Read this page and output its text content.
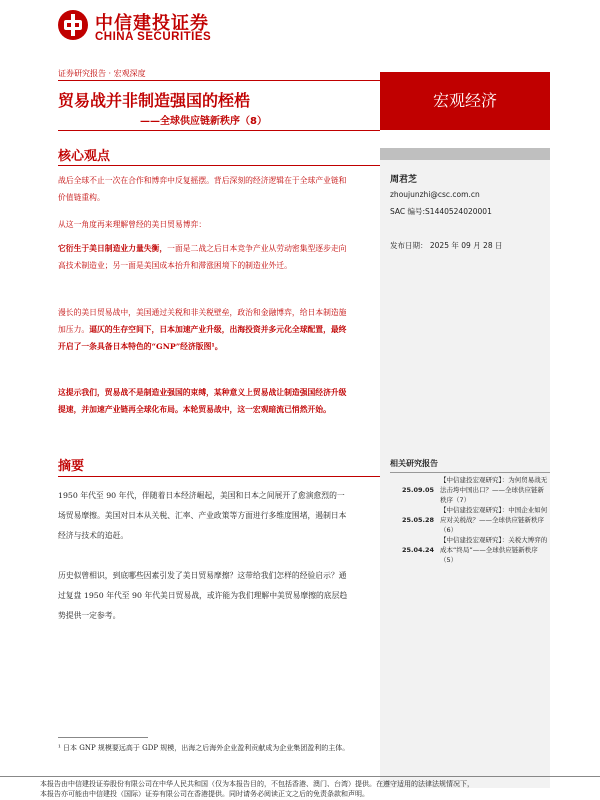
中信建投证券
CHINA SECURITIES
证券研究报告 · 宏观深度
贸易战并非制造强国的桎梏
——全球供应链新秩序（8）
宏观经济
周君芝
zhoujunzhi@csc.com.cn
SAC 编号:S1440524020001
发布日期： 2025 年 09 月 28 日
相关研究报告
25.09.05
【中信建投宏观研究】：为何贸易战无法击垮中国出口？——全球供应链新秩序（7）
25.05.28
【中信建投宏观研究】：中国企业如何应对关税战？——全球供应链新秩序（6）
25.04.24
【中信建投宏观研究】：关税大博弈的成本“终局”——全球供应链新秩序（5）
核心观点
战后全球不止一次在合作和博弈中反复摇摆。背后深刻的经济逻辑在于全球产业链和价值链重构。
从这一角度再来理解曾经的美日贸易博弈：
它衍生于美日制造业力量失衡，一面是二战之后日本竞争产业从劳动密集型逐步走向高技术制造业；另一面是美国成本抬升和滞涨困境下的制造业外迁。
漫长的美日贸易战中，美国通过关税和非关税壁垒，政治和金融博弈，给日本制造施加压力。逼仄的生存空间下，日本加速产业升级，出海投资并多元化全球配置，最终开启了一条具备日本特色的“GNP”经济版图¹。
这提示我们，贸易战不是制造业强国的束缚，某种意义上贸易战让制造强国经济升级提速，并加速产业链再全球化布局。本轮贸易战中，这一宏观暗流已悄然开始。
摘要
1950 年代至 90 年代，伴随着日本经济崛起，美国和日本之间展开了愈演愈烈的一场贸易摩擦。美国对日本从关税、汇率、产业政策等方面进行多维度围堵，遏制日本经济与技术的追赶。
历史似曾相识，到底哪些因素引发了美日贸易摩擦？这带给我们怎样的经验启示？通过复盘 1950 年代至 90 年代美日贸易战，或许能为我们理解中美贸易摩擦的底层趋势提供一定参考。
¹ 日本 GNP 规模要远高于 GDP 规模，出海之后海外企业盈利贡献成为企业集团盈利的主体。
本报告由中信建投证券股份有限公司在中华人民共和国（仅为本报告目的，不包括香港、澳门、台湾）提供。在遵守适用的法律法规情况下，
本报告亦可能由中信建投（国际）证券有限公司在香港提供。同时请务必阅读正文之后的免责条款和声明。
